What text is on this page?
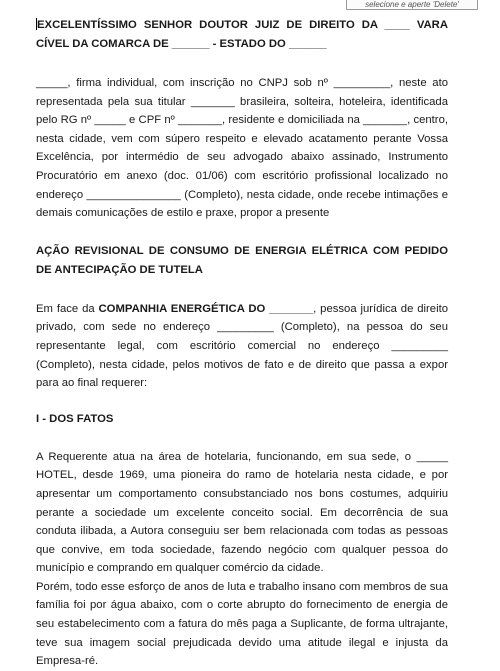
selecione e aperte 'Delete'

EXCELENTÍSSIMO SENHOR DOUTOR JUIZ DE DIREITO DA ____ VARA CÍVEL DA COMARCA DE ______ - ESTADO DO ______

_____, firma individual, com inscrição no CNPJ sob nº _________, neste ato representada pela sua titular _______ brasileira, solteira, hoteleira, identificada pelo RG nº _____ e CPF nº _______, residente e domiciliada na _______, centro, nesta cidade, vem com súpero respeito e elevado acatamento perante Vossa Excelência, por intermédio de seu advogado abaixo assinado, Instrumento Procuratório em anexo (doc. 01/06) com escritório profissional localizado no endereço _______________ (Completo), nesta cidade, onde recebe intimações e demais comunicações de estilo e praxe, propor a presente

AÇÃO REVISIONAL DE CONSUMO DE ENERGIA ELÉTRICA COM PEDIDO DE ANTECIPAÇÃO DE TUTELA

Em face da COMPANHIA ENERGÉTICA DO _______, pessoa jurídica de direito privado, com sede no endereço _________ (Completo), na pessoa do seu representante legal, com escritório comercial no endereço _________ (Completo), nesta cidade, pelos motivos de fato e de direito que passa a expor para ao final requerer:

I - DOS FATOS

A Requerente atua na área de hotelaria, funcionando, em sua sede, o _____ HOTEL, desde 1969, uma pioneira do ramo de hotelaria nesta cidade, e por apresentar um comportamento consubstanciado nos bons costumes, adquiriu perante a sociedade um excelente conceito social. Em decorrência de sua conduta ilibada, a Autora conseguiu ser bem relacionada com todas as pessoas que convive, em toda sociedade, fazendo negócio com qualquer pessoa do município e comprando em qualquer comércio da cidade.

Porém, todo esse esforço de anos de luta e trabalho insano com membros de sua família foi por água abaixo, com o corte abrupto do fornecimento de energia de seu estabelecimento com a fatura do mês paga a Suplicante, de forma ultrajante, teve sua imagem social prejudicada devido uma atitude ilegal e injusta da Empresa-ré.
